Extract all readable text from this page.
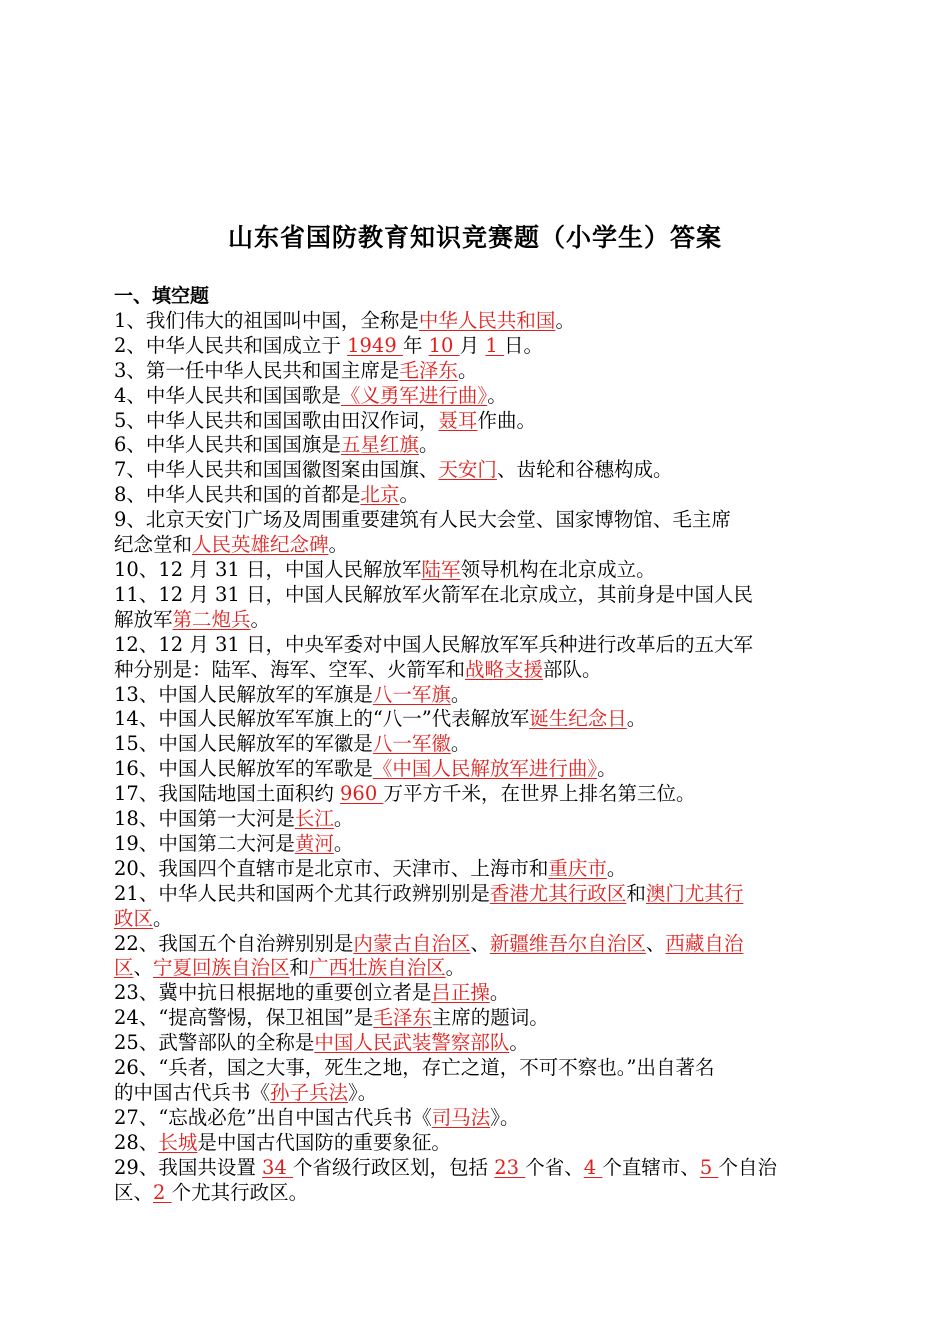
山东省国防教育知识竞赛题（小学生）答案
一、填空题
1、我们伟大的祖国叫中国，全称是中华人民共和国。
2、中华人民共和国成立于 1949 年 10 月 1 日。
3、第一任中华人民共和国主席是毛泽东。
4、中华人民共和国国歌是《义勇军进行曲》。
5、中华人民共和国国歌由田汉作词，聂耳作曲。
6、中华人民共和国国旗是五星红旗。
7、中华人民共和国国徽图案由国旗、天安门、齿轮和谷穗构成。
8、中华人民共和国的首都是北京。
9、北京天安门广场及周围重要建筑有人民大会堂、国家博物馆、毛主席
纪念堂和人民英雄纪念碑。
10、12 月 31 日，中国人民解放军陆军领导机构在北京成立。
11、12 月 31 日，中国人民解放军火箭军在北京成立，其前身是中国人民
解放军第二炮兵。
12、12 月 31 日，中央军委对中国人民解放军军兵种进行改革后的五大军
种分别是：陆军、海军、空军、火箭军和战略支援部队。
13、中国人民解放军的军旗是八一军旗。
14、中国人民解放军军旗上的“八一”代表解放军诞生纪念日。
15、中国人民解放军的军徽是八一军徽。
16、中国人民解放军的军歌是《中国人民解放军进行曲》。
17、我国陆地国土面积约 960 万平方千米，在世界上排名第三位。
18、中国第一大河是长江。
19、中国第二大河是黄河。
20、我国四个直辖市是北京市、天津市、上海市和重庆市。
21、中华人民共和国两个尤其行政辨别别是香港尤其行政区和澳门尤其行
政区。
22、我国五个自治辨别别是内蒙古自治区、新疆维吾尔自治区、西藏自治
区、宁夏回族自治区和广西壮族自治区。
23、冀中抗日根据地的重要创立者是吕正操。
24、“提高警惕，保卫祖国”是毛泽东主席的题词。
25、武警部队的全称是中国人民武装警察部队。
26、“兵者，国之大事，死生之地，存亡之道，不可不察也。”出自著名
的中国古代兵书《孙子兵法》。
27、“忘战必危”出自中国古代兵书《司马法》。
28、长城是中国古代国防的重要象征。
29、我国共设置 34 个省级行政区划，包括 23 个省、4 个直辖市、5 个自治
区、2 个尤其行政区。
